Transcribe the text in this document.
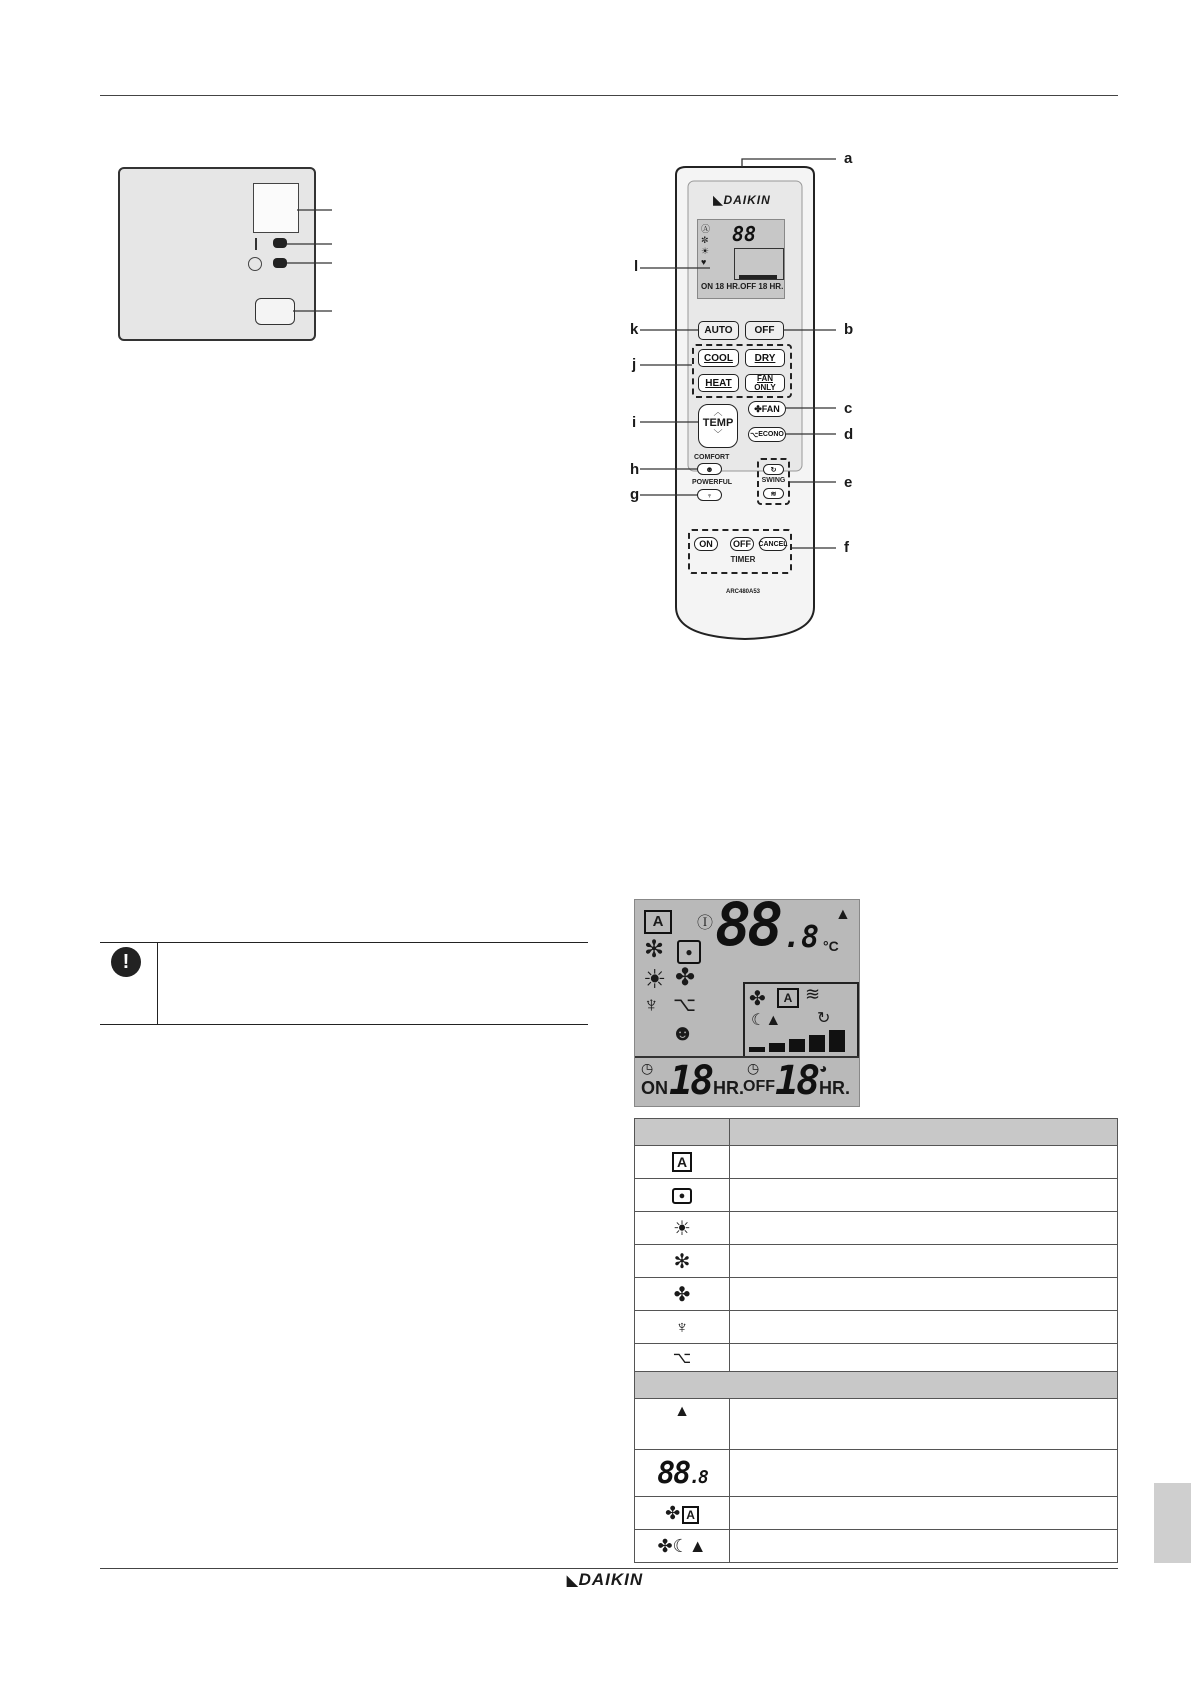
◣DAIKIN
88
Ⓐ
✼
☀
♥
ON 18 HR.OFF 18 HR.
AUTO	OFF
COOL	DRY
HEAT	FAN ONLY
︿
TEMP
﹀
✤ FAN
⌥ ECONO
COMFORT
☻
POWERFUL
♆
↻
SWING
≋
ON	OFF	CANCEL
TIMER
ARC480A53
a
b
c
d
e
f
g
h
i
j
k
l
!
A	Ⓘ 88 .8 °C
▲
✻	●
☀ ✤
♆ ⌥
☻
✤	A ≋
☾▲ ↻
◷
ON 18 HR.
◷
OFF 18 ◕
HR.

A	
●	
☀	
✻	
✤	
♆	
⌥	

▲	
88.8	
✤ A	
✤☾▲	
◣DAIKIN
